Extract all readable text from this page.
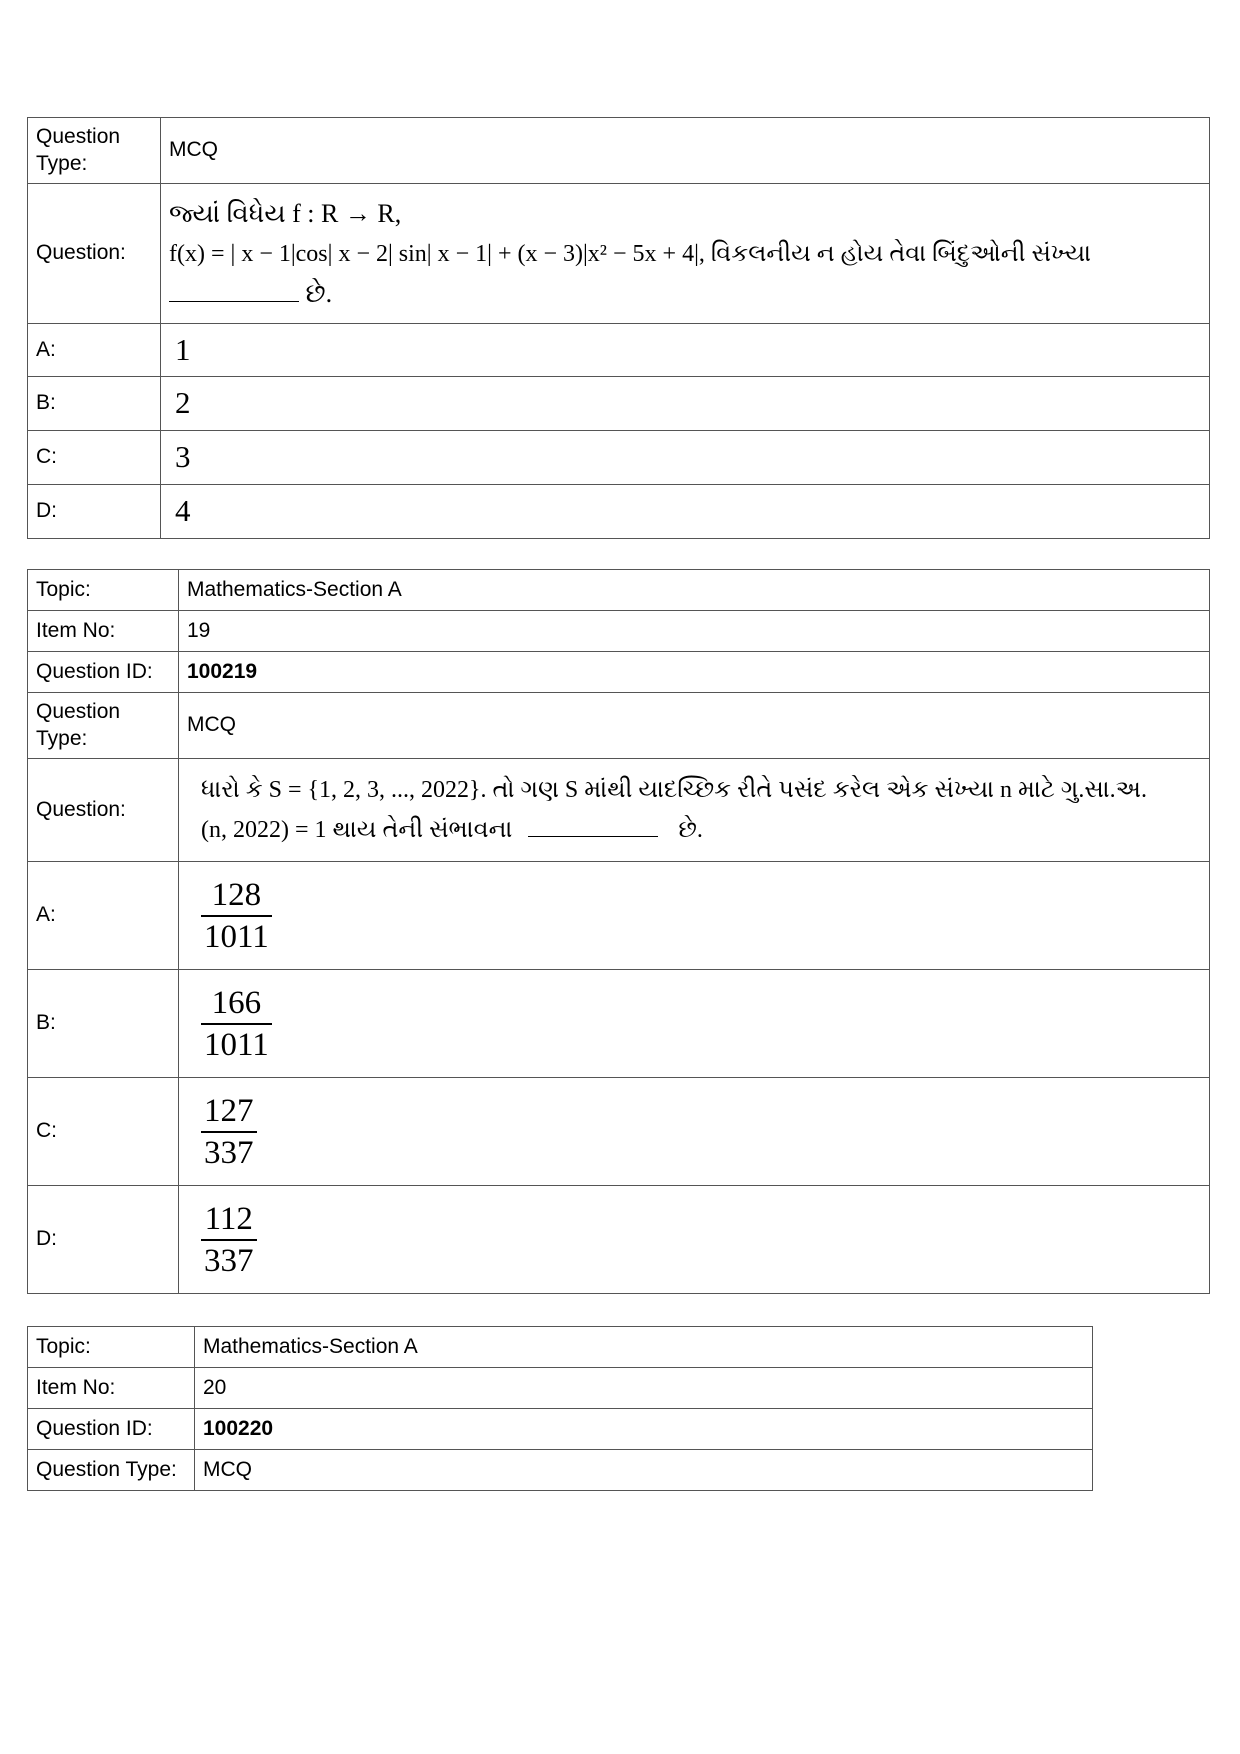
Question
Type:	MCQ
Question:	જ્યાં વિધેય f : R → R,
f(x) = | x − 1|cos| x − 2| sin| x − 1| + (x − 3)|x² − 5x + 4|, વિકલનીય ન હોય તેવા બિંદુઓની સંખ્યા
છે.

A:	1
B:	2
C:	3
D:	4
Topic:	Mathematics-Section A
Item No:	19
Question ID:	100219
Question
Type:	MCQ
Question:	ધારો કે S = {1, 2, 3, ..., 2022}. તો ગણ S માંથી યાદચ્છિક રીતે પસંદ કરેલ એક સંખ્યા n માટે ગુ.સા.અ.
(n, 2022) = 1 થાય તેની સંભાવના છે.

A:	$\frac{128}{1011}$

B:	$\frac{166}{1011}$

C:	$\frac{127}{337}$

D:	$\frac{112}{337}$
Topic:	Mathematics-Section A
Item No:	20
Question ID:	100220
Question Type:	MCQ
